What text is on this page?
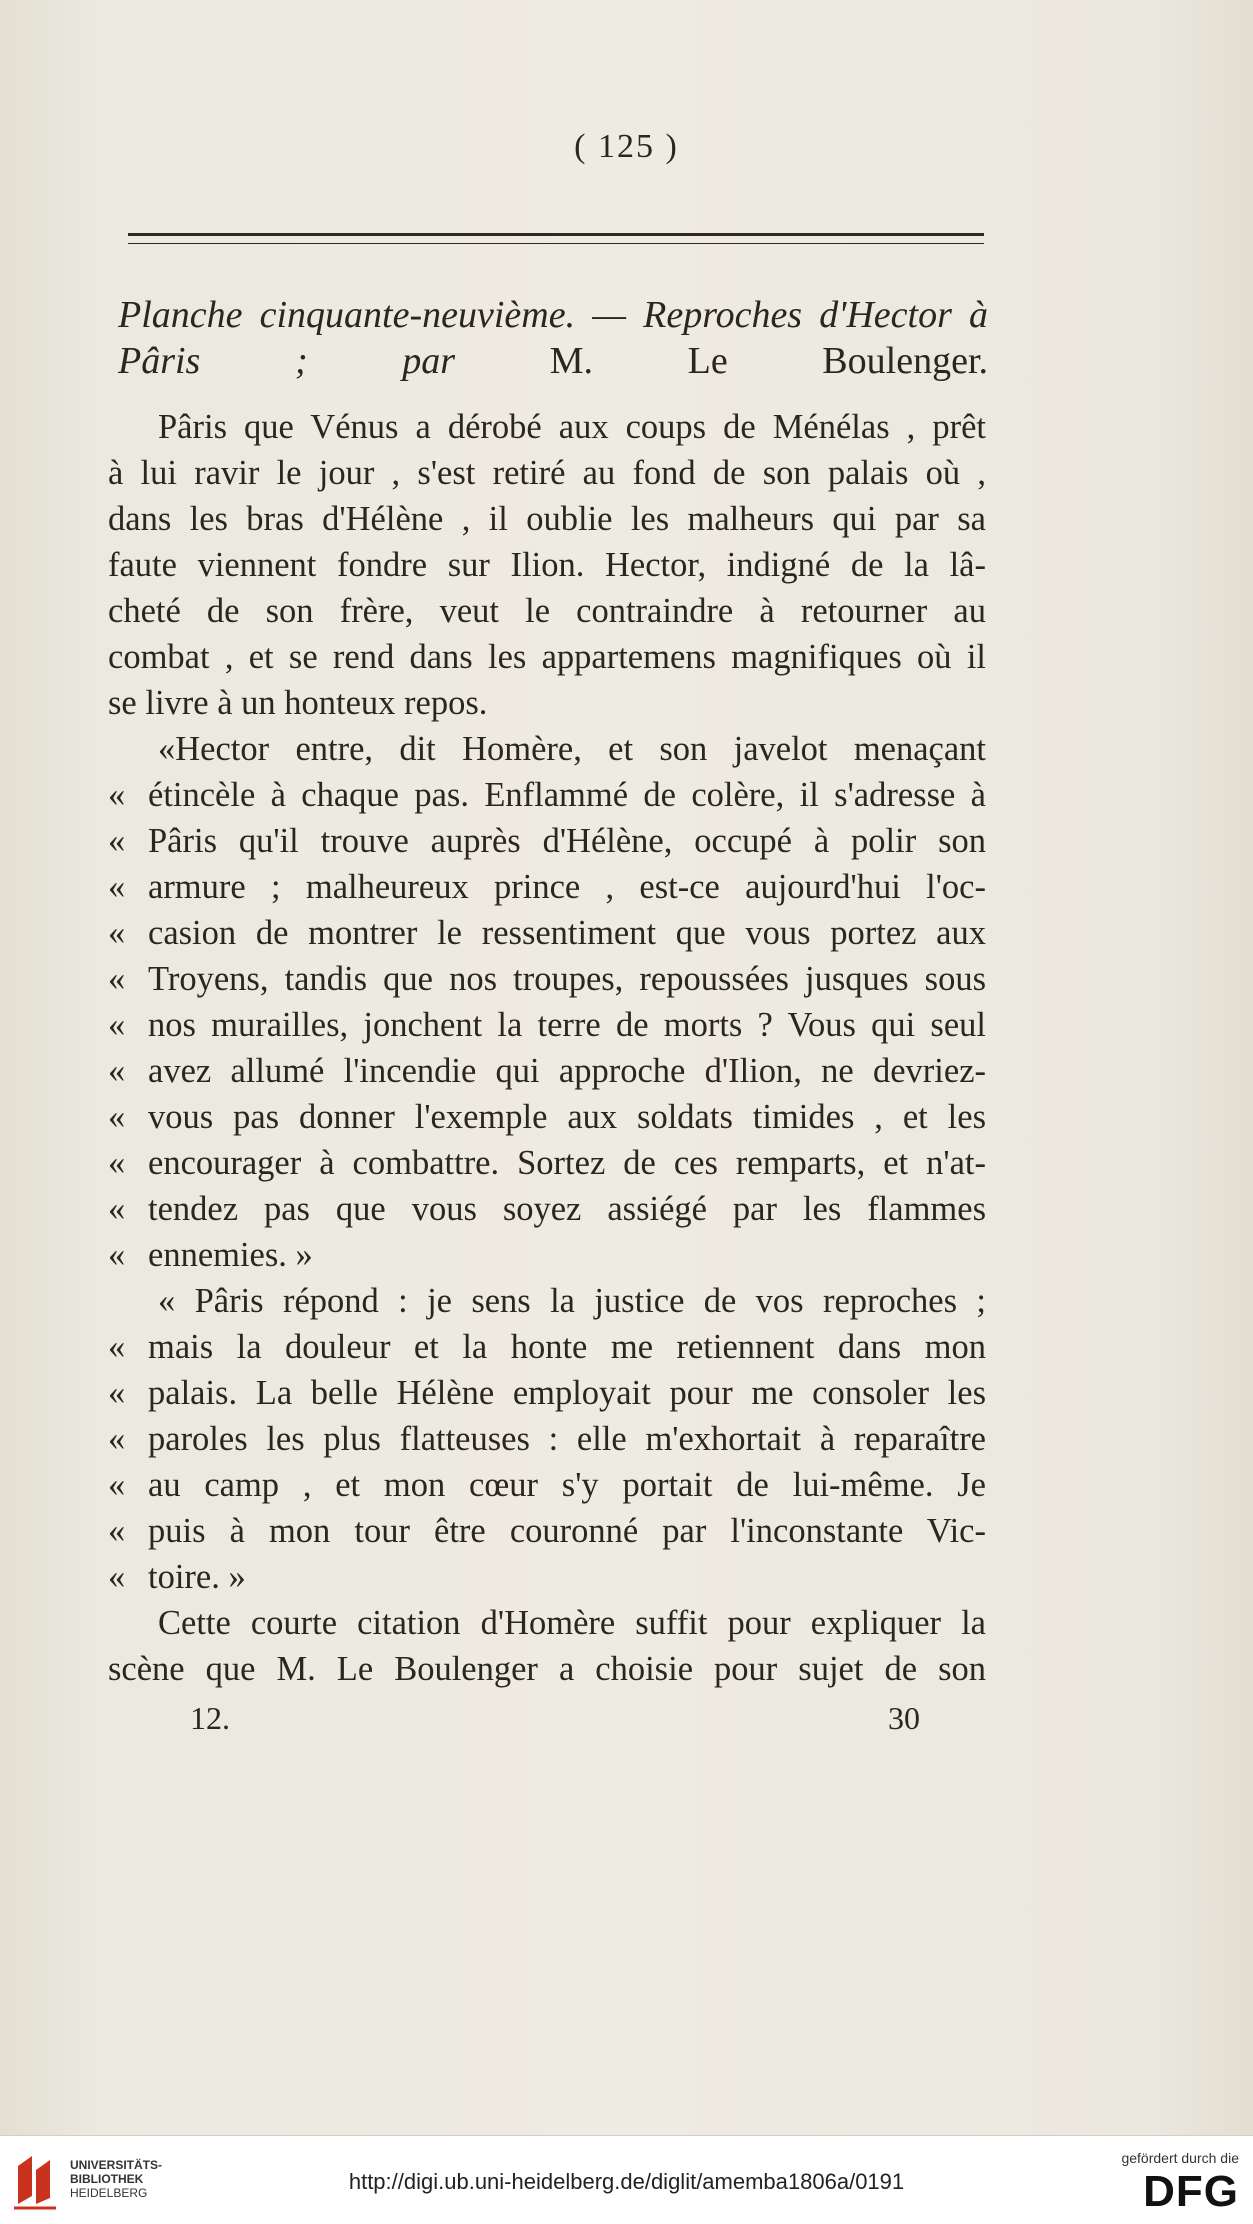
( 125 )
Planche cinquante-neuvième. — Reproches d'Hector à
Pâris ; par M. Le Boulenger.
Pâris que Vénus a dérobé aux coups de Ménélas , prêt
à lui ravir le jour , s'est retiré au fond de son palais où ,
dans les bras d'Hélène , il oublie les malheurs qui par sa
faute viennent fondre sur Ilion. Hector, indigné de la lâ-
cheté de son frère, veut le contraindre à retourner au
combat , et se rend dans les appartemens magnifiques où il
se livre à un honteux repos.
«Hector entre, dit Homère, et son javelot menaçant
« étincèle à chaque pas. Enflammé de colère, il s'adresse à
« Pâris qu'il trouve auprès d'Hélène, occupé à polir son
« armure ; malheureux prince , est-ce aujourd'hui l'oc-
« casion de montrer le ressentiment que vous portez aux
« Troyens, tandis que nos troupes, repoussées jusques sous
« nos murailles, jonchent la terre de morts ? Vous qui seul
« avez allumé l'incendie qui approche d'Ilion, ne devriez-
« vous pas donner l'exemple aux soldats timides , et les
« encourager à combattre. Sortez de ces remparts, et n'at-
« tendez pas que vous soyez assiégé par les flammes
« ennemies. »
« Pâris répond : je sens la justice de vos reproches ;
« mais la douleur et la honte me retiennent dans mon
« palais. La belle Hélène employait pour me consoler les
« paroles les plus flatteuses : elle m'exhortait à reparaître
« au camp , et mon cœur s'y portait de lui-même. Je
« puis à mon tour être couronné par l'inconstante Vic-
« toire. »
Cette courte citation d'Homère suffit pour expliquer la
scène que M. Le Boulenger a choisie pour sujet de son
12.	30
UNIVERSITÄTS-
BIBLIOTHEK
HEIDELBERG	http://digi.ub.uni-heidelberg.de/diglit/amemba1806a/0191
gefördert durch die
DFG
